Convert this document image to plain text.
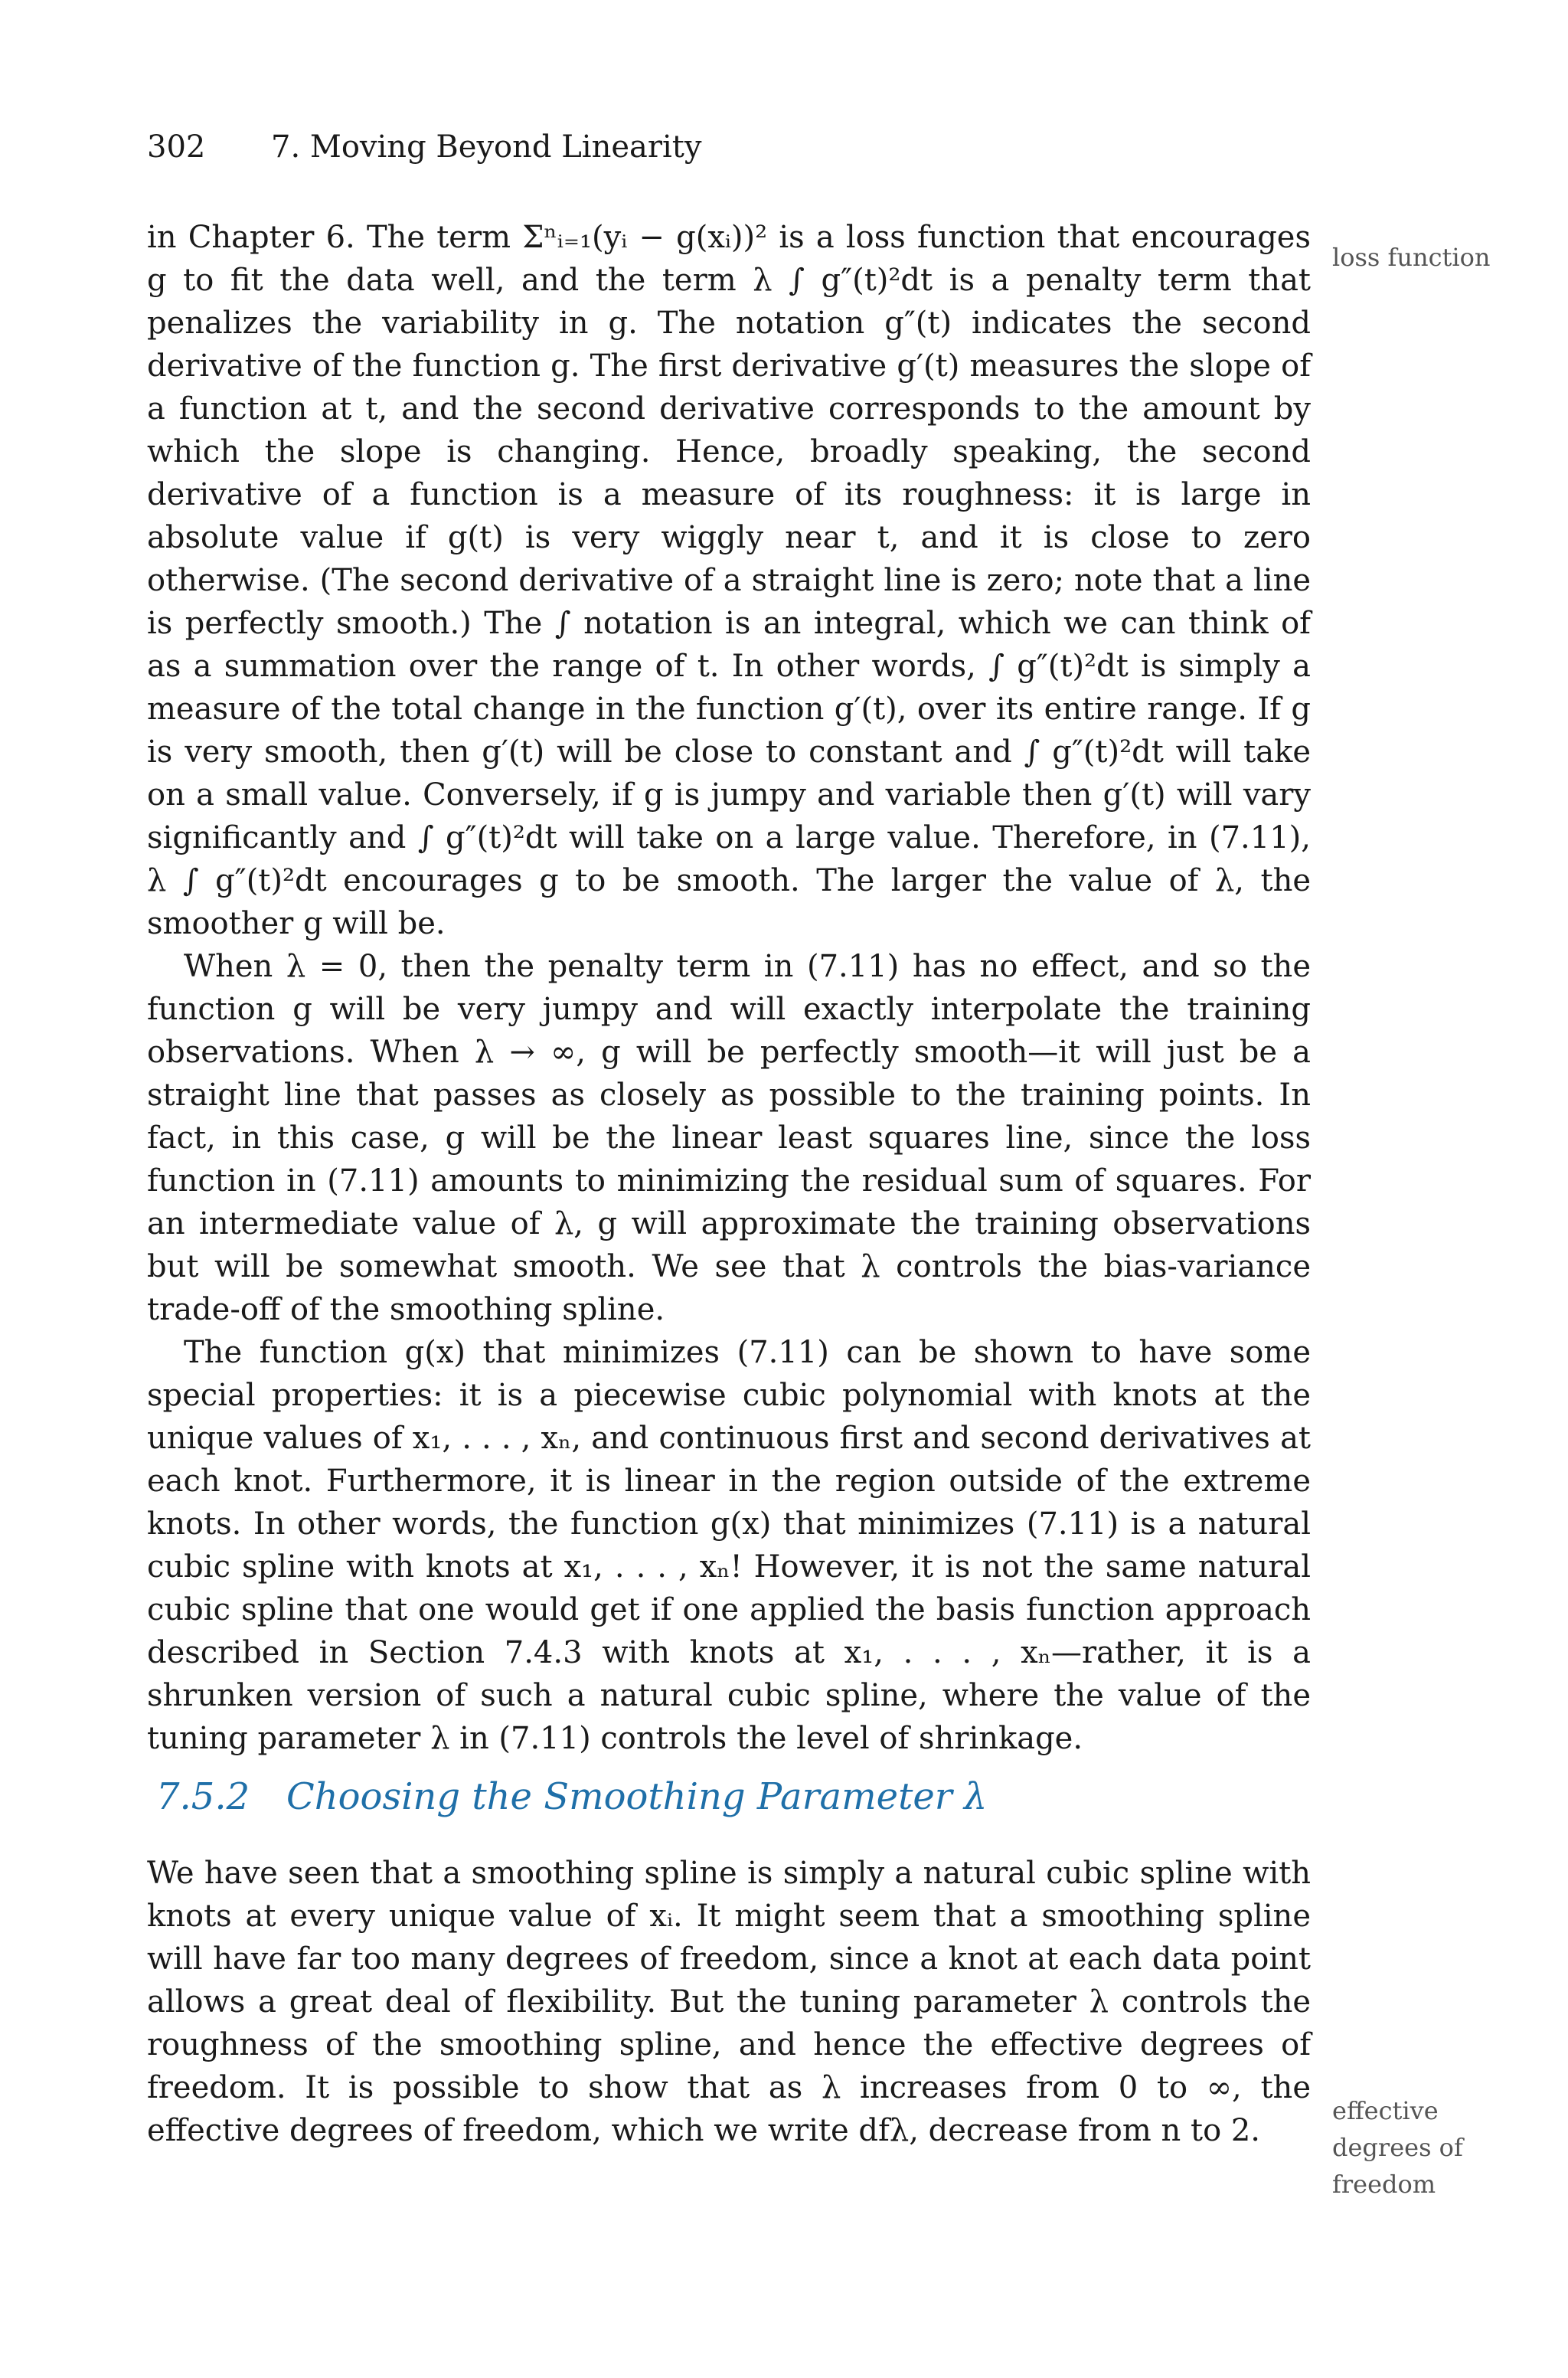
302 7. Moving Beyond Linearity

in Chapter 6. The term Σⁿᵢ₌₁(yᵢ − g(xᵢ))² is a loss function that encourages g to fit the data well, and the term λ ∫ g″(t)²dt is a penalty term that penalizes the variability in g. The notation g″(t) indicates the second derivative of the function g. The first derivative g′(t) measures the slope of a function at t, and the second derivative corresponds to the amount by which the slope is changing. Hence, broadly speaking, the second derivative of a function is a measure of its roughness: it is large in absolute value if g(t) is very wiggly near t, and it is close to zero otherwise. (The second derivative of a straight line is zero; note that a line is perfectly smooth.) The ∫ notation is an integral, which we can think of as a summation over the range of t. In other words, ∫ g″(t)²dt is simply a measure of the total change in the function g′(t), over its entire range. If g is very smooth, then g′(t) will be close to constant and ∫ g″(t)²dt will take on a small value. Conversely, if g is jumpy and variable then g′(t) will vary significantly and ∫ g″(t)²dt will take on a large value. Therefore, in (7.11), λ ∫ g″(t)²dt encourages g to be smooth. The larger the value of λ, the smoother g will be.

When λ = 0, then the penalty term in (7.11) has no effect, and so the function g will be very jumpy and will exactly interpolate the training observations. When λ → ∞, g will be perfectly smooth—it will just be a straight line that passes as closely as possible to the training points. In fact, in this case, g will be the linear least squares line, since the loss function in (7.11) amounts to minimizing the residual sum of squares. For an intermediate value of λ, g will approximate the training observations but will be somewhat smooth. We see that λ controls the bias-variance trade-off of the smoothing spline.

The function g(x) that minimizes (7.11) can be shown to have some special properties: it is a piecewise cubic polynomial with knots at the unique values of x₁, . . . , xₙ, and continuous first and second derivatives at each knot. Furthermore, it is linear in the region outside of the extreme knots. In other words, the function g(x) that minimizes (7.11) is a natural cubic spline with knots at x₁, . . . , xₙ! However, it is not the same natural cubic spline that one would get if one applied the basis function approach described in Section 7.4.3 with knots at x₁, . . . , xₙ—rather, it is a shrunken version of such a natural cubic spline, where the value of the tuning parameter λ in (7.11) controls the level of shrinkage.

loss function
7.5.2 Choosing the Smoothing Parameter λ

We have seen that a smoothing spline is simply a natural cubic spline with knots at every unique value of xᵢ. It might seem that a smoothing spline will have far too many degrees of freedom, since a knot at each data point allows a great deal of flexibility. But the tuning parameter λ controls the roughness of the smoothing spline, and hence the effective degrees of freedom. It is possible to show that as λ increases from 0 to ∞, the effective degrees of freedom, which we write dfλ, decrease from n to 2.

effective degrees of freedom
